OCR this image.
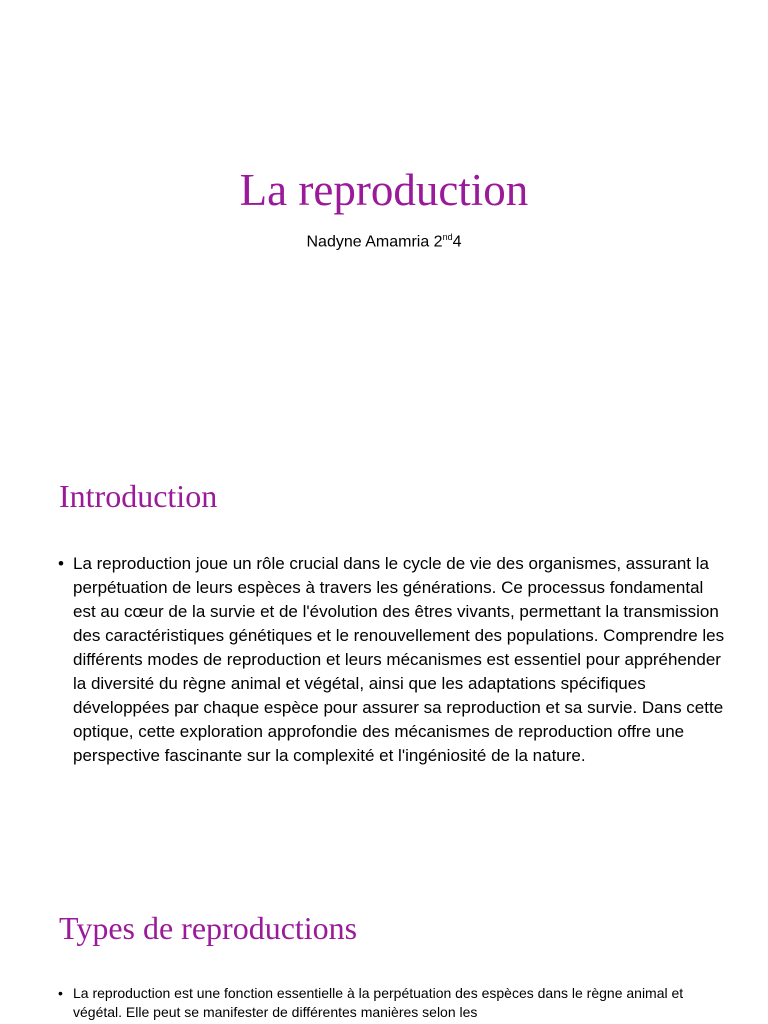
La reproduction

Nadyne Amamria 2nd4

Introduction
• La reproduction joue un rôle crucial dans le cycle de vie des organismes, assurant la perpétuation de leurs espèces à travers les générations. Ce processus fondamental est au cœur de la survie et de l'évolution des êtres vivants, permettant la transmission des caractéristiques génétiques et le renouvellement des populations. Comprendre les différents modes de reproduction et leurs mécanismes est essentiel pour appréhender la diversité du règne animal et végétal, ainsi que les adaptations spécifiques développées par chaque espèce pour assurer sa reproduction et sa survie. Dans cette optique, cette exploration approfondie des mécanismes de reproduction offre une perspective fascinante sur la complexité et l'ingéniosité de la nature.
Types de reproductions
• La reproduction est une fonction essentielle à la perpétuation des espèces dans le règne animal et végétal. Elle peut se manifester de différentes manières selon les
